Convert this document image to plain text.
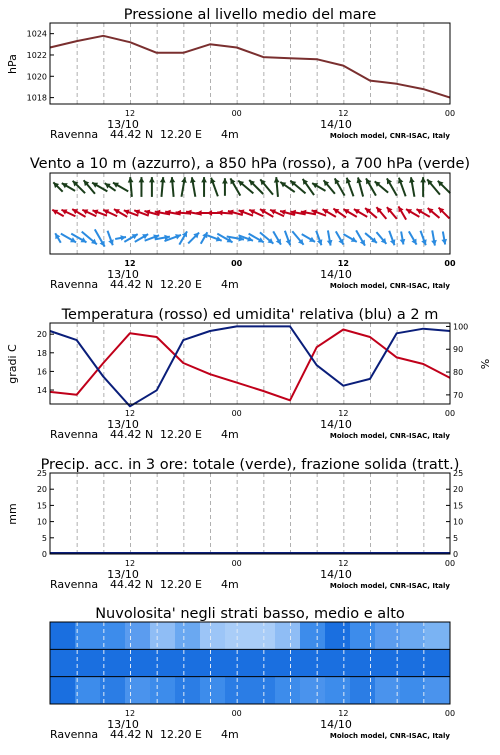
Pressione al livello medio del mare
hPa
1024
1022
1020
1018
Vento a 10 m (azzurro), a 850 hPa (rosso), a 700 hPa (verde)
Temperatura (rosso) ed umidita' relativa (blu) a 2 m
gradi C	%
20
18
16
14
100
90
80
70
Precip. acc. in 3 ore: totale (verde), frazione solida (tratt.)
mm
25
20
15
10
5
0
25
20
15
10
5
0
Nuvolosita' negli strati basso, medio e alto
12	00	12	00
13/10	14/10
Ravenna 44.42 N 12.20 E 4m	Moloch model, CNR-ISAC, Italy
12	00	12	00
13/10	14/10
Ravenna 44.42 N 12.20 E 4m	Moloch model, CNR-ISAC, Italy
12	00	12	00
13/10	14/10
Ravenna 44.42 N 12.20 E 4m	Moloch model, CNR-ISAC, Italy
12	00	12	00
13/10	14/10
Ravenna 44.42 N 12.20 E 4m	Moloch model, CNR-ISAC, Italy
12	00	12	00
13/10	14/10
Ravenna 44.42 N 12.20 E 4m	Moloch model, CNR-ISAC, Italy
